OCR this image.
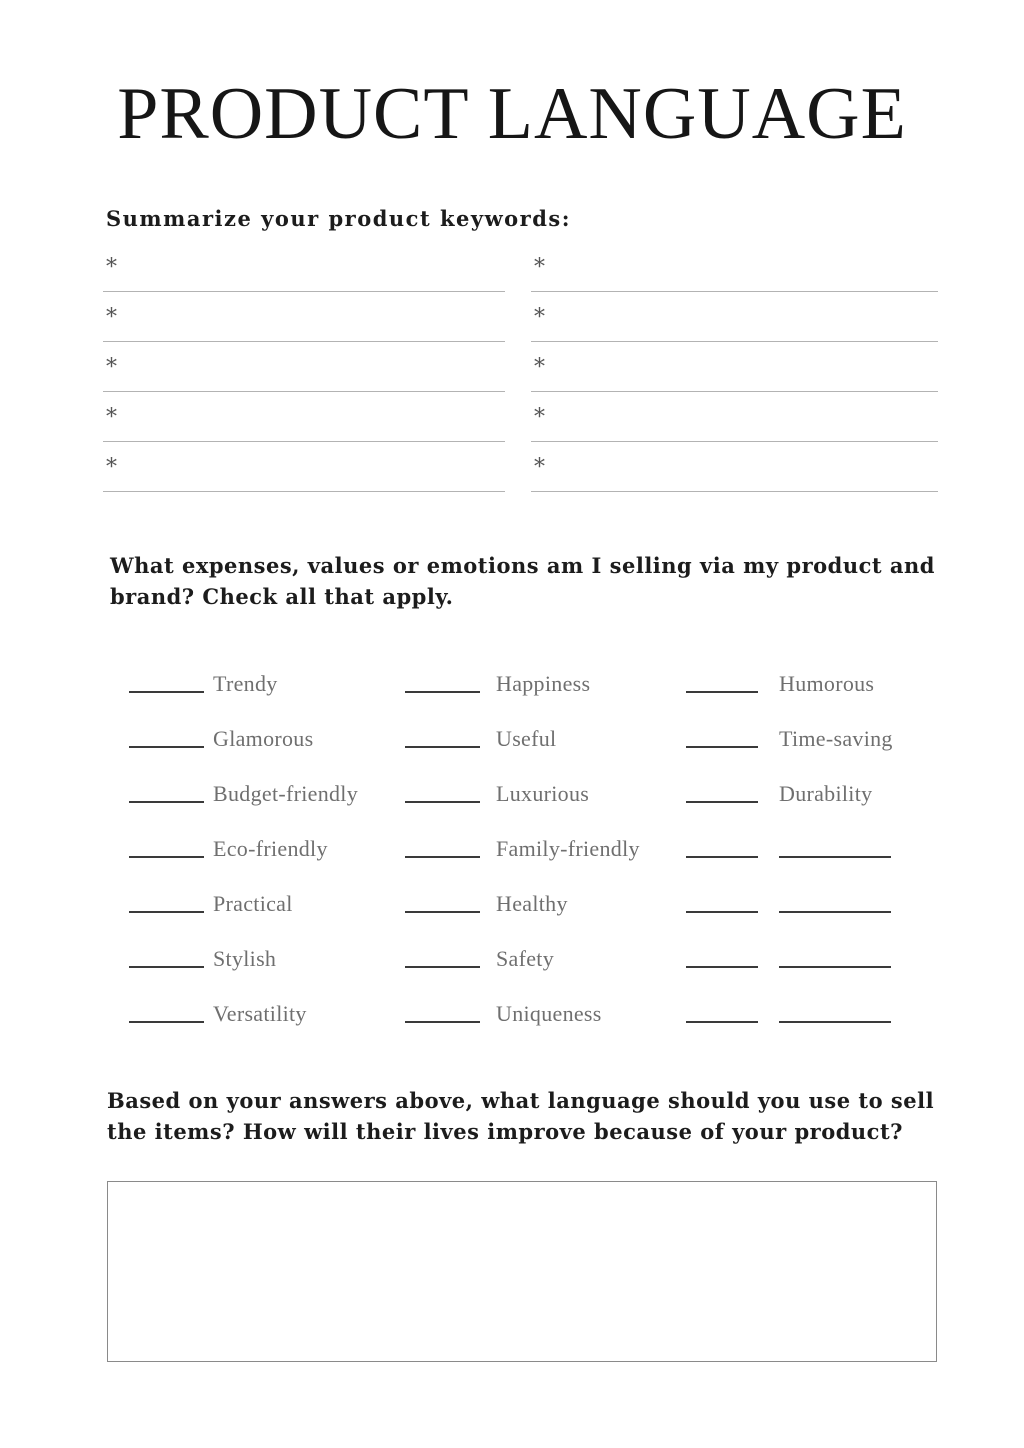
PRODUCT LANGUAGE
Summarize your product keywords:
*	*
*	*
*	*
*	*
*	*
What expenses, values or emotions am I selling via my product and
brand? Check all that apply.
Trendy	Happiness	Humorous
Glamorous	Useful	Time-saving
Budget-friendly	Luxurious	Durability
Eco-friendly	Family-friendly
Practical	Healthy
Stylish	Safety
Versatility	Uniqueness
Based on your answers above, what language should you use to sell
the items? How will their lives improve because of your product?
